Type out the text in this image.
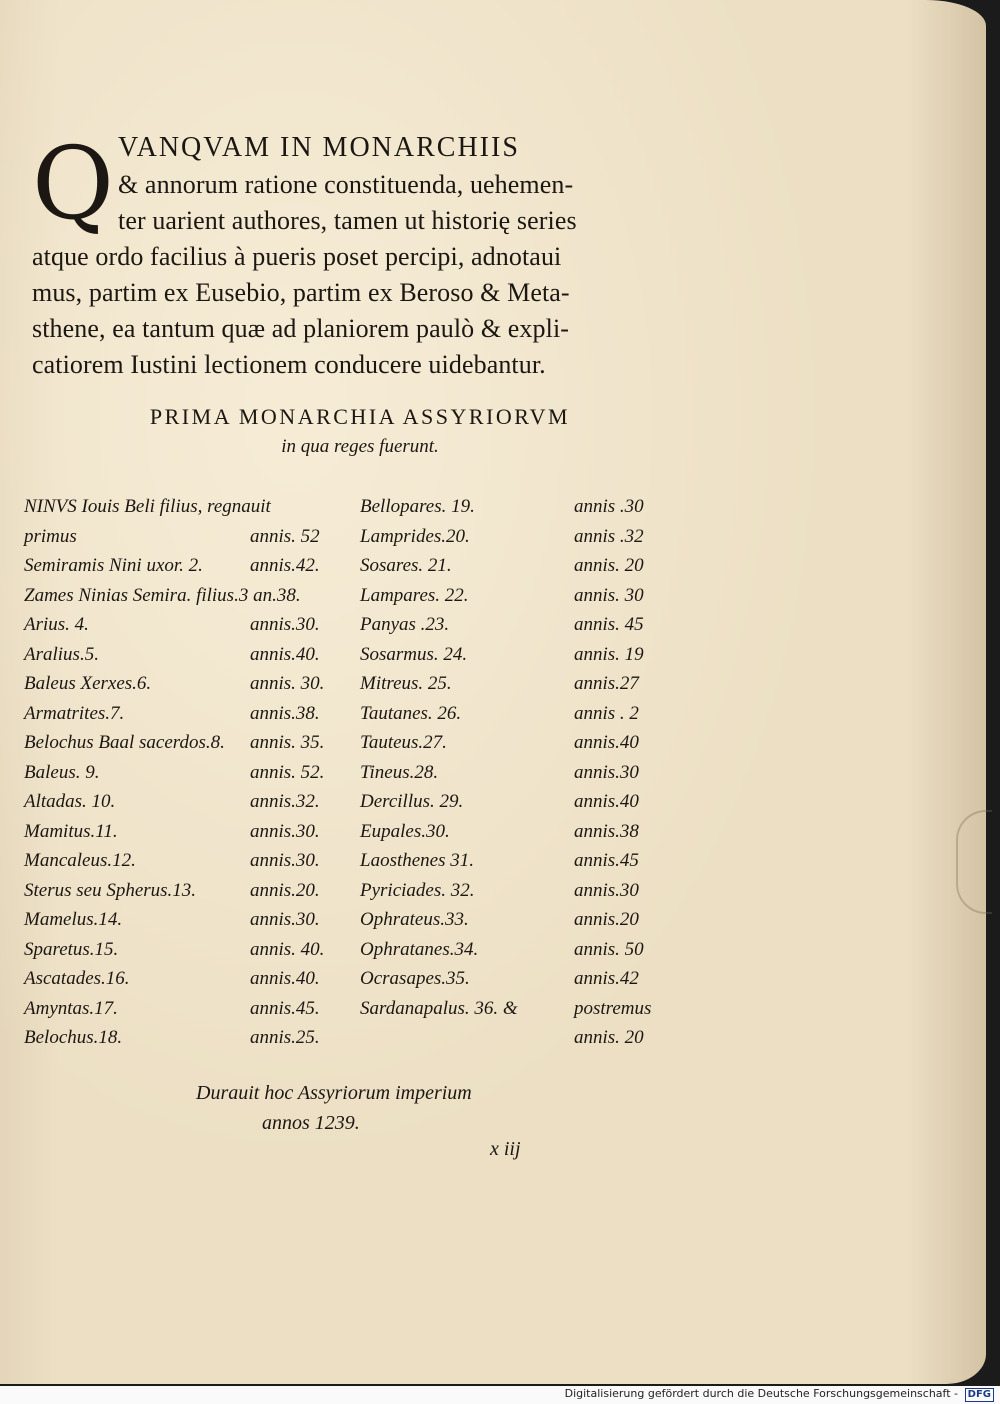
Q VANQVAM IN MONARCHIIS
& annorum ratione constituenda, uehemen-
ter uarient authores, tamen ut historię series
atque ordo facilius à pueris poset percipi, adnotaui
mus, partim ex Eusebio, partim ex Beroso & Meta-
sthene, ea tantum quæ ad planiorem paulò & expli-
catiorem Iustini lectionem conducere uidebantur.
PRIMA MONARCHIA ASSYRIORVM
in qua reges fuerunt.
NINVS Iouis Beli filius, regnauit
primus	annis. 52
Semiramis Nini uxor. 2. annis.42.
Zames Ninias Semira. filius.3 an.38.
Arius. 4.	annis.30.
Aralius.5.	annis.40.
Baleus Xerxes.6.	annis. 30.
Armatrites.7.	annis.38.
Belochus Baal sacerdos.8. annis. 35.
Baleus. 9.	annis. 52.
Altadas. 10.	annis.32.
Mamitus.11.	annis.30.
Mancaleus.12.	annis.30.
Sterus seu Spherus.13.	annis.20.
Mamelus.14.	annis.30.
Sparetus.15.	annis. 40.
Ascatades.16.	annis.40.
Amyntas.17.	annis.45.
Belochus.18.	annis.25.
Bellopares. 19.	annis .30
Lamprides.20.	annis .32
Sosares. 21.	annis. 20
Lampares. 22.	annis. 30
Panyas .23.	annis. 45
Sosarmus. 24.	annis. 19
Mitreus. 25.	annis.27
Tautanes. 26.	annis . 2
Tauteus.27.	annis.40
Tineus.28.	annis.30
Dercillus. 29.	annis.40
Eupales.30.	annis.38
Laosthenes 31.	annis.45
Pyriciades. 32.	annis.30
Ophrateus.33.	annis.20
Ophratanes.34.	annis. 50
Ocrasapes.35.	annis.42
Sardanapalus. 36. &	postremus
annis. 20
Durauit hoc Assyriorum imperium
annos 1239.
x iij
Digitalisierung gefördert durch die Deutsche Forschungsgemeinschaft - DFG
